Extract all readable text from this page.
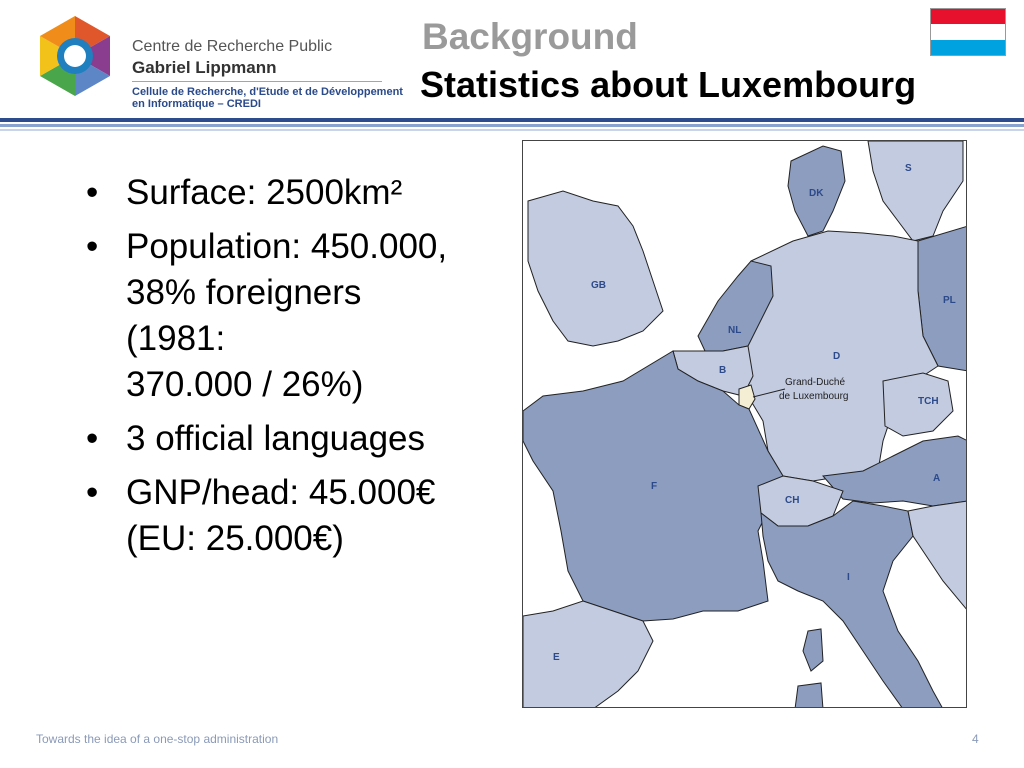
Centre de Recherche Public
Gabriel Lippmann
Cellule de Recherche, d'Etude et de Développement
en Informatique – CREDI
Background
Statistics about Luxembourg
• Surface: 2500km²
• Population: 450.000,
38% foreigners
(1981:
370.000 / 26%)
• 3 official languages
• GNP/head: 45.000€
(EU: 25.000€)
DK
S
GB
PL
NL
D
B
TCH
F
A
CH
I
E
Grand-Duché
de Luxembourg
Towards the idea of a one-stop administration	4
